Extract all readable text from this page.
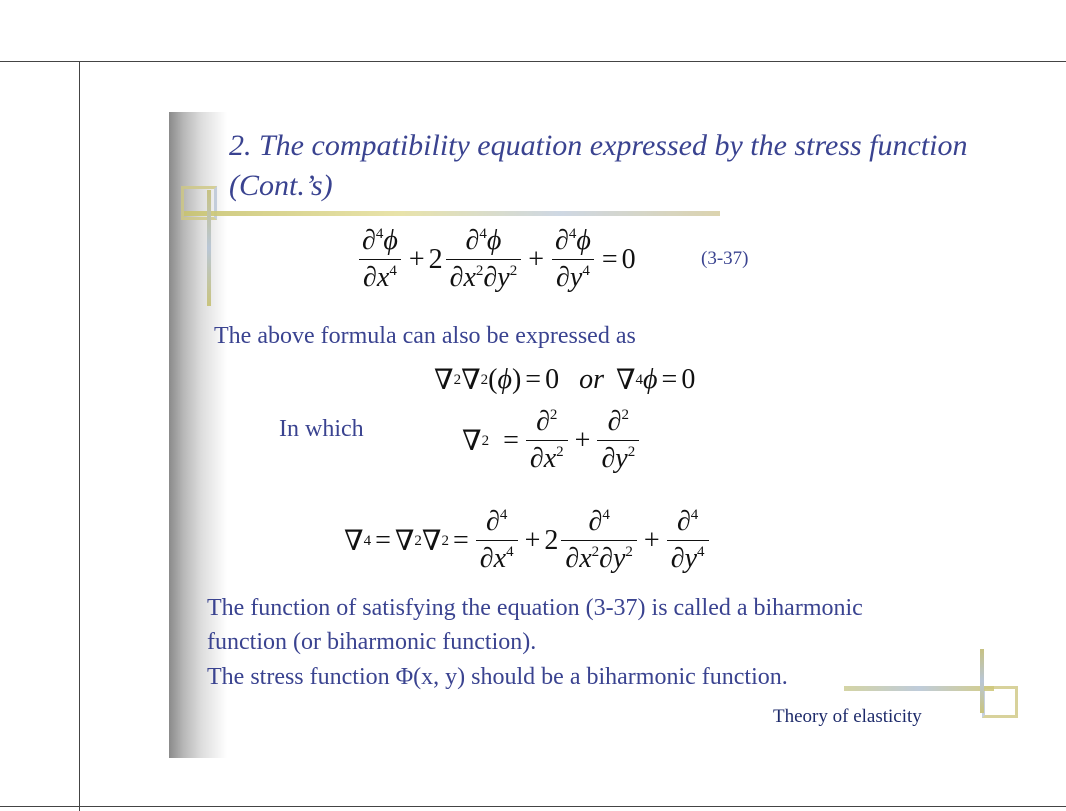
2. The compatibility equation expressed by the stress function (Cont.’s)
$\frac{\partial^4\phi}{\partial x^4} + 2 \frac{\partial^4\phi}{\partial x^2\partial y^2} + \frac{\partial^4\phi}{\partial y^4} = 0$	(3-37)
The above formula can also be expressed as
∇ 2 ∇ 2 ( ϕ ) = 0 or ∇ 4 ϕ = 0
In which	∇ $2 = \frac{\partial^2}{\partial x^2} + \frac{\partial^2}{\partial y^2}$
∇ 4 = ∇ 2 ∇ $2 = \frac{\partial^4}{\partial x^4} + 2 \frac{\partial^4}{\partial x^2\partial y^2} + \frac{\partial^4}{\partial y^4}$
The function of satisfying the equation (3-37) is called a biharmonic
function (or biharmonic function).
The stress function Φ(x, y) should be a biharmonic function.
Theory of elasticity
